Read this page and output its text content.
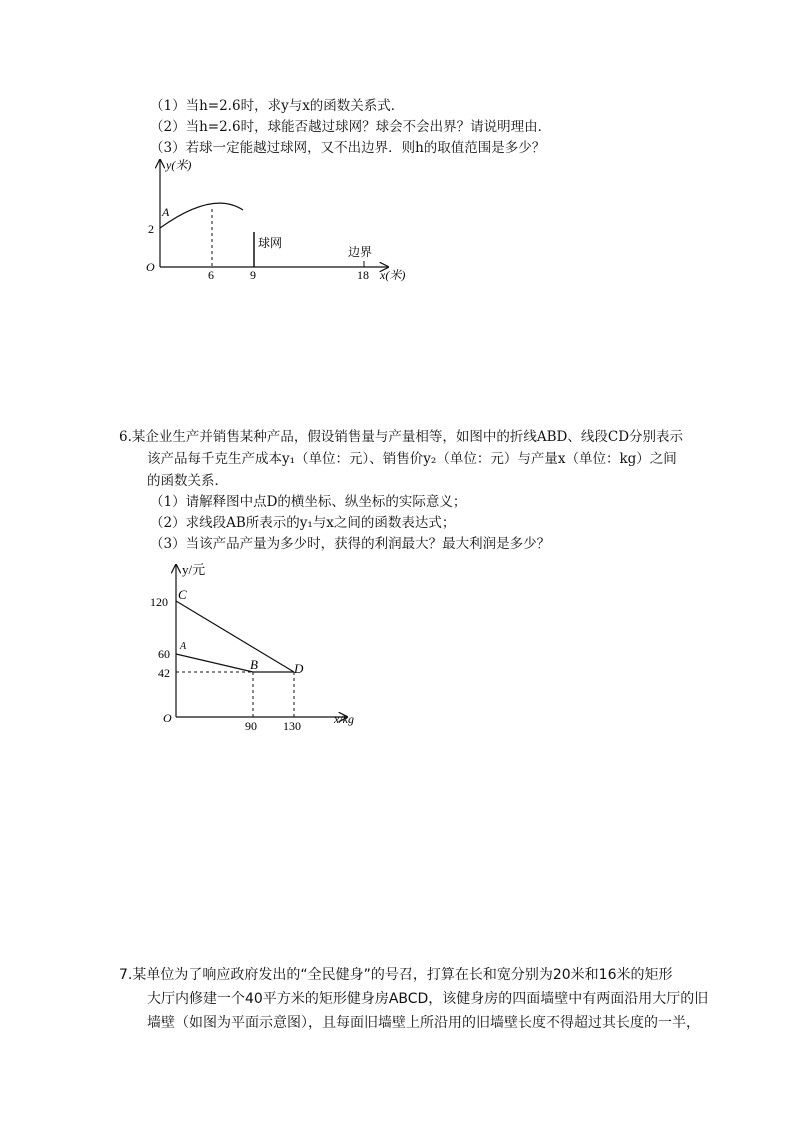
（1）当h=2.6时，求y与x的函数关系式．
（2）当h=2.6时，球能否越过球网？球会不会出界？请说明理由．
（3）若球一定能越过球网，又不出边界．则h的取值范围是多少？
y(米)
A
2
O
6	9	18
球网
边界
x(米)
6.某企业生产并销售某种产品，假设销售量与产量相等，如图中的折线ABD、线段CD分别表示
该产品每千克生产成本y₁（单位：元）、销售价y₂（单位：元）与产量x（单位：kg）之间
的函数关系．
（1）请解释图中点D的横坐标、纵坐标的实际意义；
（2）求线段AB所表示的y₁与x之间的函数表达式；
（3）当该产品产量为多少时，获得的利润最大？最大利润是多少？
y/元
120 C
60
A
42
B	D
O
90 130	x/kg
7.某单位为了响应政府发出的“全民健身”的号召，打算在长和宽分别为20米和16米的矩形
大厅内修建一个40平方米的矩形健身房ABCD，该健身房的四面墙壁中有两面沿用大厅的旧
墙壁（如图为平面示意图），且每面旧墙壁上所沿用的旧墙壁长度不得超过其长度的一半，
